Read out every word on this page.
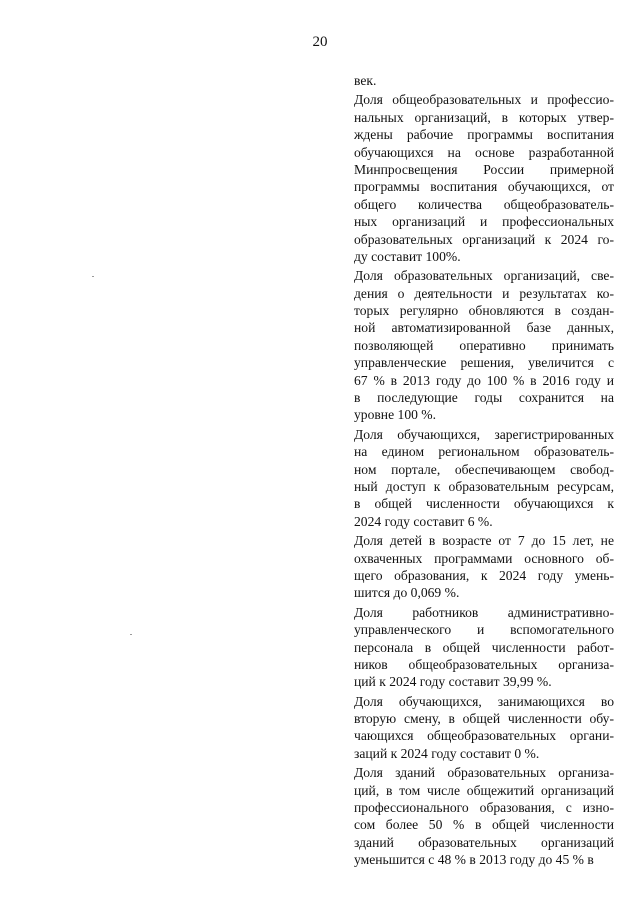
20
век.
Доля общеобразовательных и профессио-
нальных организаций, в которых утвер-
ждены рабочие программы воспитания
обучающихся на основе разработанной
Минпросвещения России примерной
программы воспитания обучающихся, от
общего количества общеобразователь-
ных организаций и профессиональных
образовательных организаций к 2024 го-
ду составит 100%.
Доля образовательных организаций, све-
дения о деятельности и результатах ко-
торых регулярно обновляются в создан-
ной автоматизированной базе данных,
позволяющей оперативно принимать
управленческие решения, увеличится с
67 % в 2013 году до 100 % в 2016 году и
в последующие годы сохранится на
уровне 100 %.
Доля обучающихся, зарегистрированных
на едином региональном образователь-
ном портале, обеспечивающем свобод-
ный доступ к образовательным ресурсам,
в общей численности обучающихся к
2024 году составит 6 %.
Доля детей в возрасте от 7 до 15 лет, не
охваченных программами основного об-
щего образования, к 2024 году умень-
шится до 0,069 %.
Доля работников административно-
управленческого и вспомогательного
персонала в общей численности работ-
ников общеобразовательных организа-
ций к 2024 году составит 39,99 %.
Доля обучающихся, занимающихся во
вторую смену, в общей численности обу-
чающихся общеобразовательных органи-
заций к 2024 году составит 0 %.
Доля зданий образовательных организа-
ций, в том числе общежитий организаций
профессионального образования, с изно-
сом более 50 % в общей численности
зданий образовательных организаций
уменьшится с 48 % в 2013 году до 45 % в
